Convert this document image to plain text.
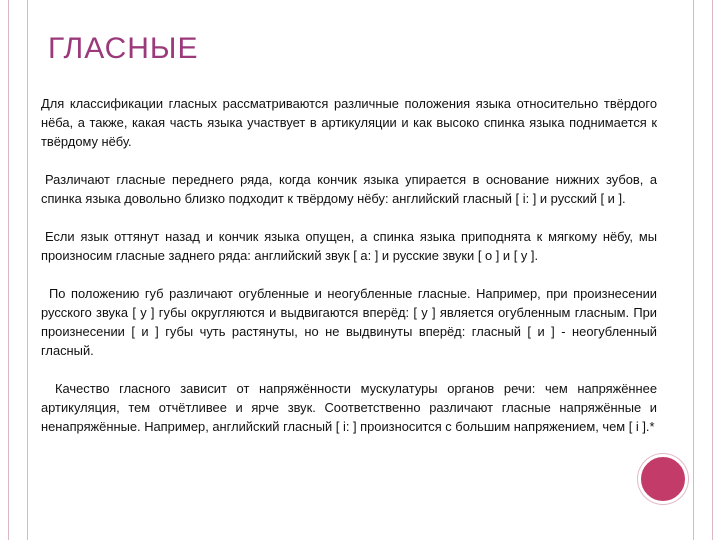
ГЛАСНЫЕ

Для классификации гласных рассматриваются различные положения языка относительно твёрдого нёба, а также, какая часть языка участвует в артикуляции и как высоко спинка языка поднимается к твёрдому нёбу.

Различают гласные переднего ряда, когда кончик языка упирается в основание нижних зубов, а спинка языка довольно близко подходит к твёрдому нёбу: английский гласный [ i: ] и русский [ и ].

Если язык оттянут назад и кончик языка опущен, а спинка языка приподнята к мягкому нёбу, мы произносим гласные заднего ряда: английский звук [ a: ] и русские звуки [ о ] и [ у ].

По положению губ различают огубленные и неогубленные гласные. Например, при произнесении русского звука [ у ] губы округляются и выдвигаются вперёд: [ у ] является огубленным гласным. При произнесении [ и ] губы чуть растянуты, но не выдвинуты вперёд: гласный [ и ] - неогубленный гласный.

Качество гласного зависит от напряжённости мускулатуры органов речи: чем напряжённее артикуляция, тем отчётливее и ярче звук. Соответственно различают гласные напряжённые и ненапряжённые. Например, английский гласный [ i: ] произносится с большим напряжением, чем [ i ].*
